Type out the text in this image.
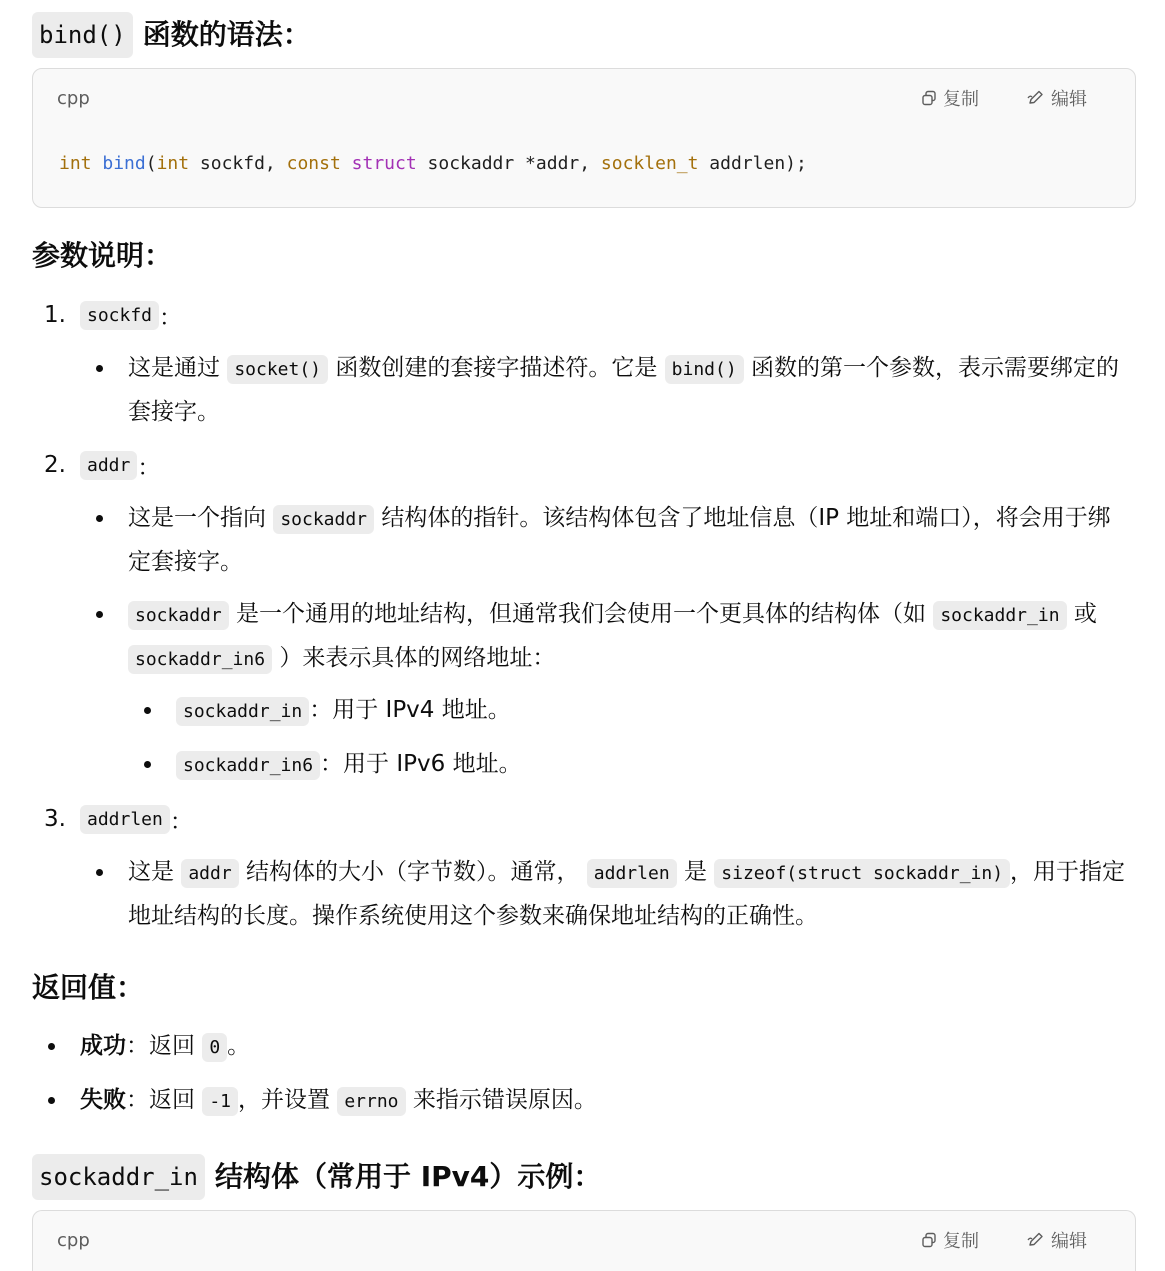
bind() 函数的语法：
cpp	复制	编辑
int bind(int sockfd, const struct sockaddr *addr, socklen_t addrlen);
参数说明：
1.	sockfd ：
这是通过 socket() 函数创建的套接字描述符。它是 bind() 函数的第一个参数，表示需要绑定的套接字。
2.	addr ：
这是一个指向 sockaddr 结构体的指针。该结构体包含了地址信息（IP 地址和端口），将会用于绑定套接字。
sockaddr 是一个通用的地址结构，但通常我们会使用一个更具体的结构体（如 sockaddr_in 或 sockaddr_in6 ）来表示具体的网络地址：
sockaddr_in ：用于 IPv4 地址。
sockaddr_in6 ：用于 IPv6 地址。
3.	addrlen ：
这是 addr 结构体的大小（字节数）。通常， addrlen 是 sizeof(struct sockaddr_in) ，用于指定地址结构的长度。操作系统使用这个参数来确保地址结构的正确性。
返回值：
成功：返回 0 。
失败：返回 -1 ，并设置 errno 来指示错误原因。
sockaddr_in 结构体（常用于 IPv4）示例：
cpp	复制	编辑
